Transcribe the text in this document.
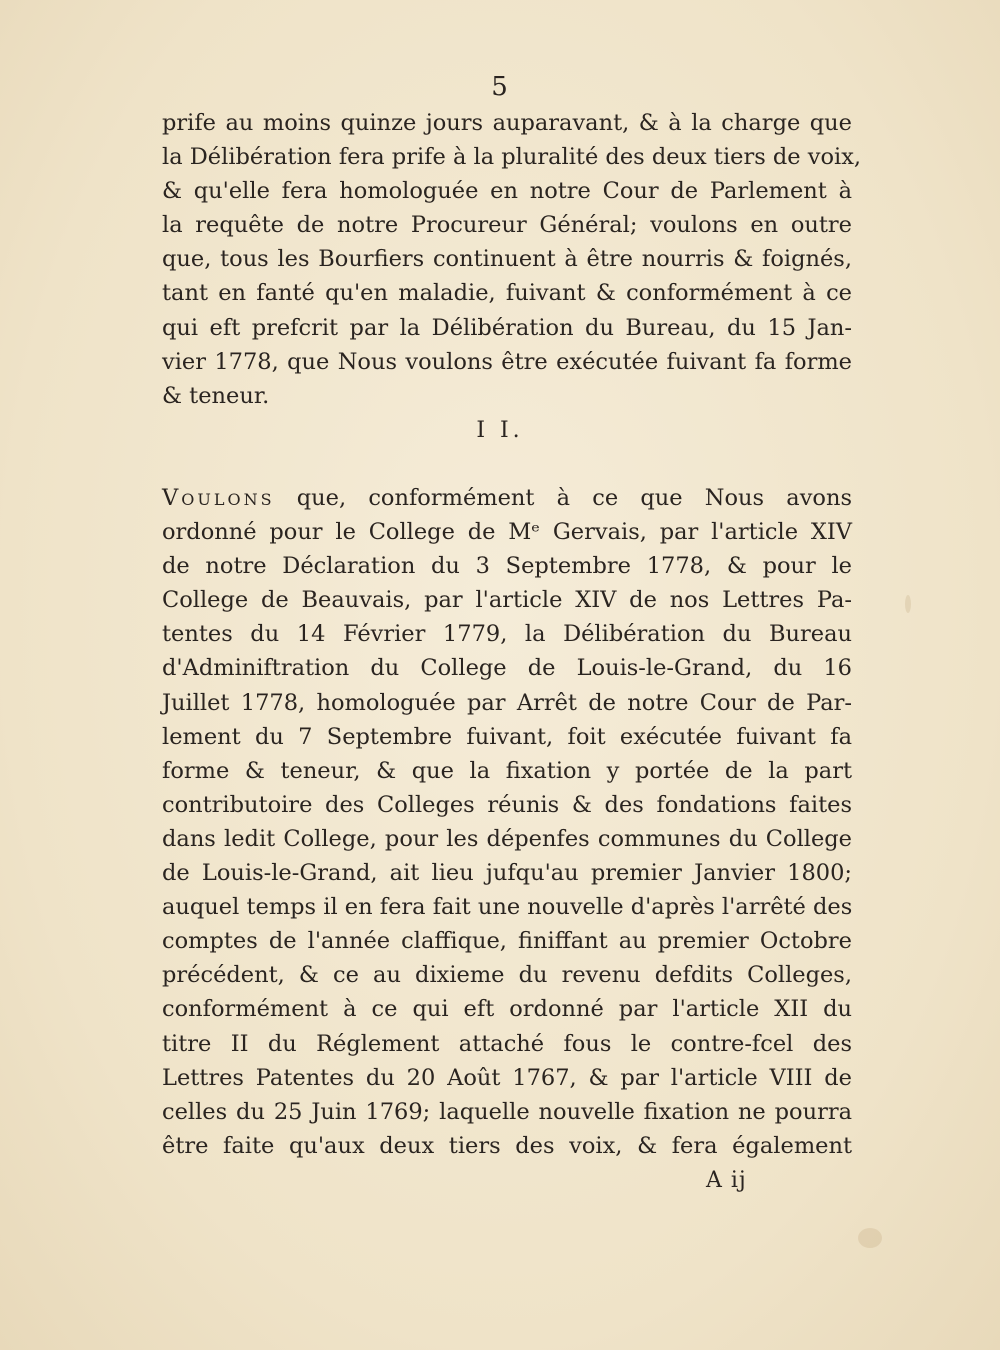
5
prife au moins quinze jours auparavant, & à la charge que
la Délibération fera prife à la pluralité des deux tiers de voix,
& qu'elle fera homologuée en notre Cour de Parlement à
la requête de notre Procureur Général; voulons en outre
que, tous les Bourfiers continuent à être nourris & foignés,
tant en fanté qu'en maladie, fuivant & conformément à ce
qui eft prefcrit par la Délibération du Bureau, du 15 Jan-
vier 1778, que Nous voulons être exécutée fuivant fa forme
& teneur.
I I.
Voulons que, conformément à ce que Nous avons
ordonné pour le College de Mᵉ Gervais, par l'article XIV
de notre Déclaration du 3 Septembre 1778, & pour le
College de Beauvais, par l'article XIV de nos Lettres Pa-
tentes du 14 Février 1779, la Délibération du Bureau
d'Adminiftration du College de Louis-le-Grand, du 16
Juillet 1778, homologuée par Arrêt de notre Cour de Par-
lement du 7 Septembre fuivant, foit exécutée fuivant fa
forme & teneur, & que la fixation y portée de la part
contributoire des Colleges réunis & des fondations faites
dans ledit College, pour les dépenfes communes du College
de Louis-le-Grand, ait lieu jufqu'au premier Janvier 1800;
auquel temps il en fera fait une nouvelle d'après l'arrêté des
comptes de l'année claffique, finiffant au premier Octobre
précédent, & ce au dixieme du revenu defdits Colleges,
conformément à ce qui eft ordonné par l'article XII du
titre II du Réglement attaché fous le contre-fcel des
Lettres Patentes du 20 Août 1767, & par l'article VIII de
celles du 25 Juin 1769; laquelle nouvelle fixation ne pourra
être faite qu'aux deux tiers des voix, & fera également
A ij
